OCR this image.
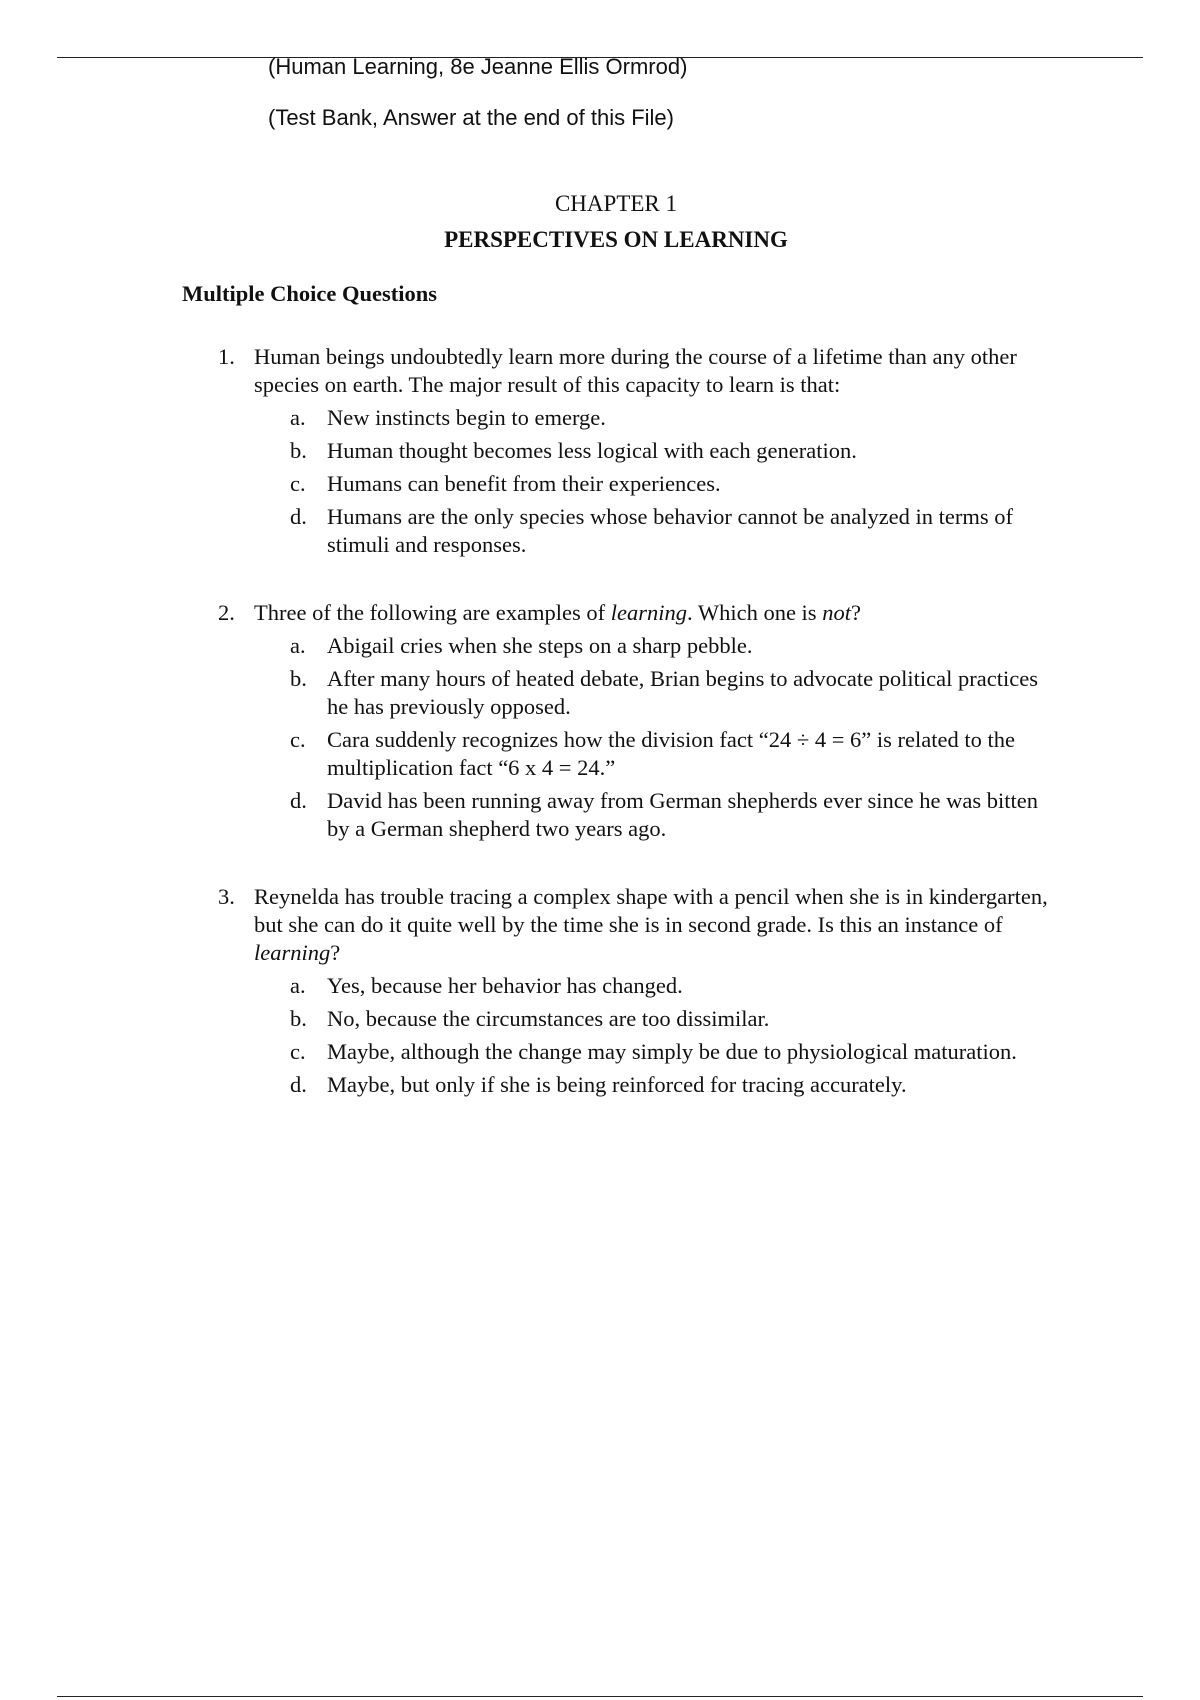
(Human Learning, 8e Jeanne Ellis Ormrod)
(Test Bank, Answer at the end of this File)
CHAPTER 1
PERSPECTIVES ON LEARNING
Multiple Choice Questions
1. Human beings undoubtedly learn more during the course of a lifetime than any other species on earth. The major result of this capacity to learn is that:
a. New instincts begin to emerge.
b. Human thought becomes less logical with each generation.
c. Humans can benefit from their experiences.
d. Humans are the only species whose behavior cannot be analyzed in terms of stimuli and responses.
2. Three of the following are examples of learning. Which one is not?
a. Abigail cries when she steps on a sharp pebble.
b. After many hours of heated debate, Brian begins to advocate political practices he has previously opposed.
c. Cara suddenly recognizes how the division fact “24 ÷ 4 = 6” is related to the multiplication fact “6 x 4 = 24.”
d. David has been running away from German shepherds ever since he was bitten by a German shepherd two years ago.
3. Reynelda has trouble tracing a complex shape with a pencil when she is in kindergarten, but she can do it quite well by the time she is in second grade. Is this an instance of learning?
a. Yes, because her behavior has changed.
b. No, because the circumstances are too dissimilar.
c. Maybe, although the change may simply be due to physiological maturation.
d. Maybe, but only if she is being reinforced for tracing accurately.
